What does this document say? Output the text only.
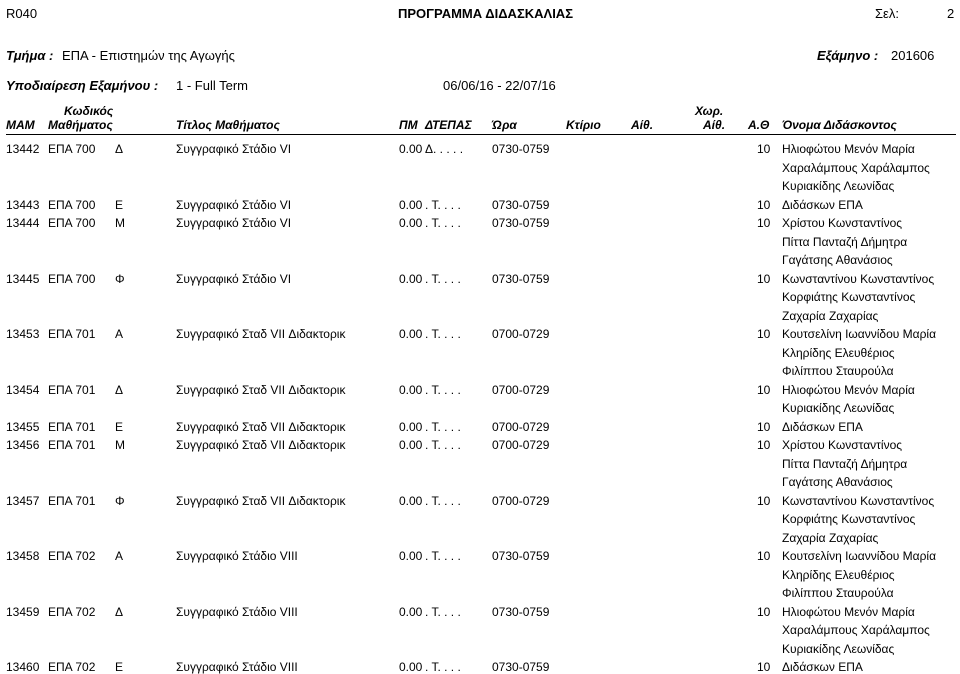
R040	ΠΡΟΓΡΑΜΜΑ ΔΙΔΑΣΚΑΛΙΑΣ	Σελ:	2
Τμήμα : ΕΠΑ - Επιστημών της Αγωγής	Εξάμηνο : 201606
Υποδιαίρεση Εξαμήνου : 1 - Full Term	06/06/16 - 22/07/16
ΜΑΜ
Κωδικός
Μαθήματος	Τίτλος Μαθήματος	ΠΜ ΔΤΕΠΑΣ Ώρα	Κτίριο	Αίθ.
Χωρ.
Αίθ. Α.Θ Όνομα Διδάσκοντος
13442 ΕΠΑ 700 Δ	Συγγραφικό Στάδιο VI	0.00 Δ. . . . . 0730-0759	10 Ηλιοφώτου Μενόν Μαρία
Χαραλάμπους Χαράλαμπος
Κυριακίδης Λεωνίδας
13443 ΕΠΑ 700 Ε	Συγγραφικό Στάδιο VI	0.00 . Τ. . . .	0730-0759	10 Διδάσκων ΕΠΑ
13444 ΕΠΑ 700 Μ	Συγγραφικό Στάδιο VI	0.00 . Τ. . . .	0730-0759	10 Χρίστου Κωνσταντίνος
Πίττα Πανταζή Δήμητρα
Γαγάτσης Αθανάσιος
13445 ΕΠΑ 700 Φ	Συγγραφικό Στάδιο VI	0.00 . Τ. . . .	0730-0759	10 Κωνσταντίνου Κωνσταντίνος
Κορφιάτης Κωνσταντίνος
Ζαχαρία Ζαχαρίας
13453 ΕΠΑ 701 Α	Συγγραφικό Σταδ VII Διδακτορικ	0.00 . Τ. . . .	0700-0729	10 Κουτσελίνη Ιωαννίδου Μαρία
Κληρίδης Ελευθέριος
Φιλίππου Σταυρούλα
13454 ΕΠΑ 701 Δ	Συγγραφικό Σταδ VII Διδακτορικ	0.00 . Τ. . . .	0700-0729	10 Ηλιοφώτου Μενόν Μαρία
Κυριακίδης Λεωνίδας
13455 ΕΠΑ 701 Ε	Συγγραφικό Σταδ VII Διδακτορικ	0.00 . Τ. . . .	0700-0729	10 Διδάσκων ΕΠΑ
13456 ΕΠΑ 701 Μ	Συγγραφικό Σταδ VII Διδακτορικ	0.00 . Τ. . . .	0700-0729	10 Χρίστου Κωνσταντίνος
Πίττα Πανταζή Δήμητρα
Γαγάτσης Αθανάσιος
13457 ΕΠΑ 701 Φ	Συγγραφικό Σταδ VII Διδακτορικ	0.00 . Τ. . . .	0700-0729	10 Κωνσταντίνου Κωνσταντίνος
Κορφιάτης Κωνσταντίνος
Ζαχαρία Ζαχαρίας
13458 ΕΠΑ 702 Α	Συγγραφικό Στάδιο VIII	0.00 . Τ. . . .	0730-0759	10 Κουτσελίνη Ιωαννίδου Μαρία
Κληρίδης Ελευθέριος
Φιλίππου Σταυρούλα
13459 ΕΠΑ 702 Δ	Συγγραφικό Στάδιο VIII	0.00 . Τ. . . .	0730-0759	10 Ηλιοφώτου Μενόν Μαρία
Χαραλάμπους Χαράλαμπος
Κυριακίδης Λεωνίδας
13460 ΕΠΑ 702 Ε	Συγγραφικό Στάδιο VIII	0.00 . Τ. . . .	0730-0759	10 Διδάσκων ΕΠΑ
